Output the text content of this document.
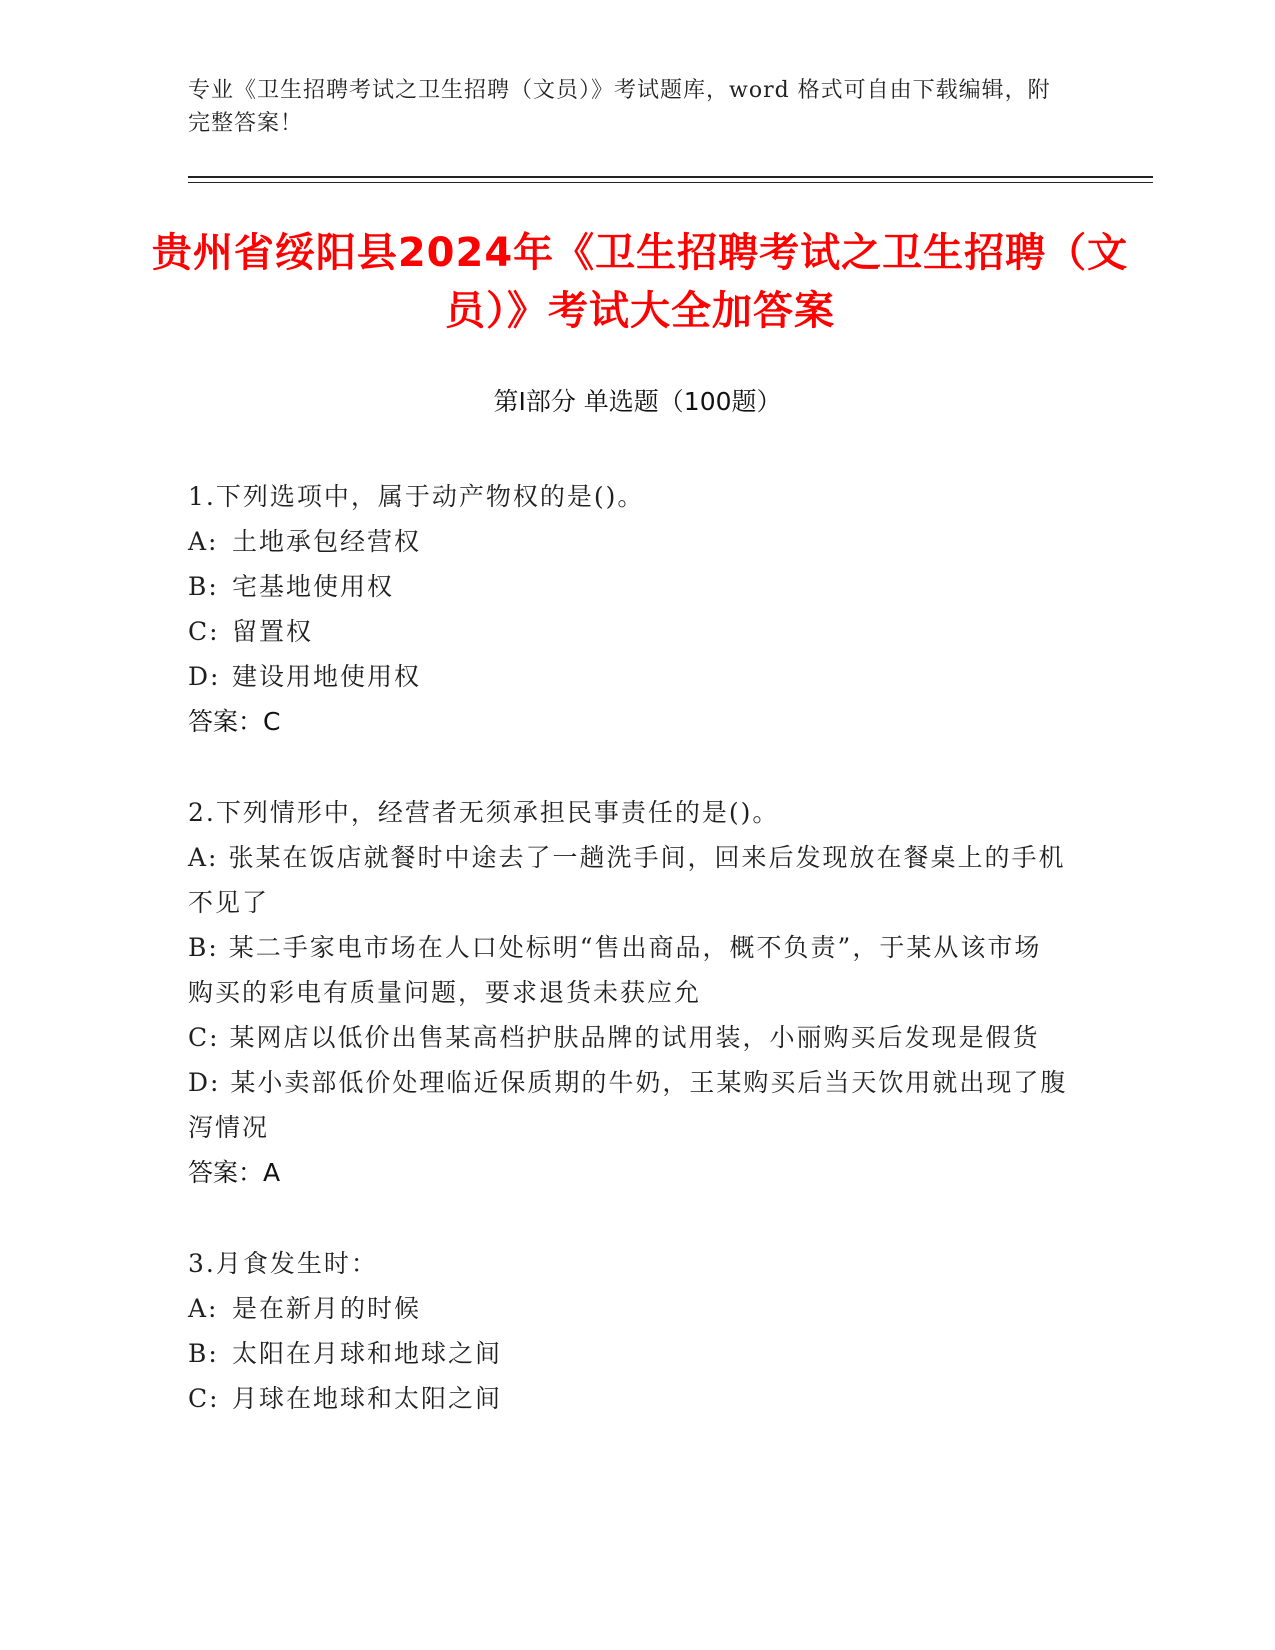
专业《卫生招聘考试之卫生招聘（文员）》考试题库，word 格式可自由下载编辑，附完整答案！
贵州省绥阳县2024年《卫生招聘考试之卫生招聘（文员）》考试大全加答案
第Ⅰ部分 单选题（100题）
1.下列选项中，属于动产物权的是()。
A: 土地承包经营权
B: 宅基地使用权
C: 留置权
D: 建设用地使用权
答案：C
2.下列情形中，经营者无须承担民事责任的是()。
A: 张某在饭店就餐时中途去了一趟洗手间，回来后发现放在餐桌上的手机不见了
B: 某二手家电市场在人口处标明“售出商品，概不负责”，于某从该市场购买的彩电有质量问题，要求退货未获应允
C: 某网店以低价出售某高档护肤品牌的试用装，小丽购买后发现是假货
D: 某小卖部低价处理临近保质期的牛奶，王某购买后当天饮用就出现了腹泻情况
答案：A
3.月食发生时：
A: 是在新月的时候
B: 太阳在月球和地球之间
C: 月球在地球和太阳之间
